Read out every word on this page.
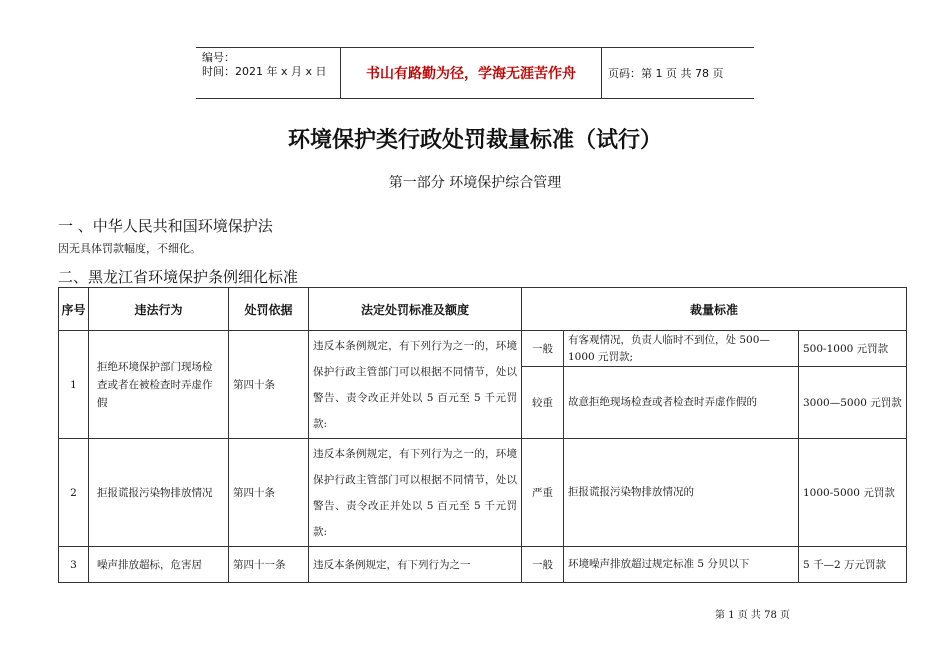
编号：
时间：2021 年 x 月 x 日	书山有路勤为径，学海无涯苦作舟	页码：第 1 页 共 78 页
环境保护类行政处罚裁量标准（试行）
第一部分 环境保护综合管理
一 、中华人民共和国环境保护法
因无具体罚款幅度，不细化。
二、黑龙江省环境保护条例细化标准
序号	违法行为	处罚依据	法定处罚标准及额度	裁量标准		
1	拒绝环境保护部门现场检查或者在被检查时弄虚作假	第四十条	违反本条例规定，有下列行为之一的，环境保护行政主管部门可以根据不同情节，处以警告、责令改正并处以 5 百元至 5 千元罚款:	一般	有客观情况，负责人临时不到位，处 500—1000 元罚款;	500-1000 元罚款
				较重	故意拒绝现场检查或者检查时弄虚作假的	3000—5000 元罚款
2	拒报谎报污染物排放情况	第四十条	违反本条例规定，有下列行为之一的，环境保护行政主管部门可以根据不同情节，处以警告、责令改正并处以 5 百元至 5 千元罚款:	严重	拒报谎报污染物排放情况的	1000-5000 元罚款
3	噪声排放超标，危害居	第四十一条	违反本条例规定，有下列行为之一	一般	环境噪声排放超过规定标准 5 分贝以下	5 千—2 万元罚款
第 1 页 共 78 页
